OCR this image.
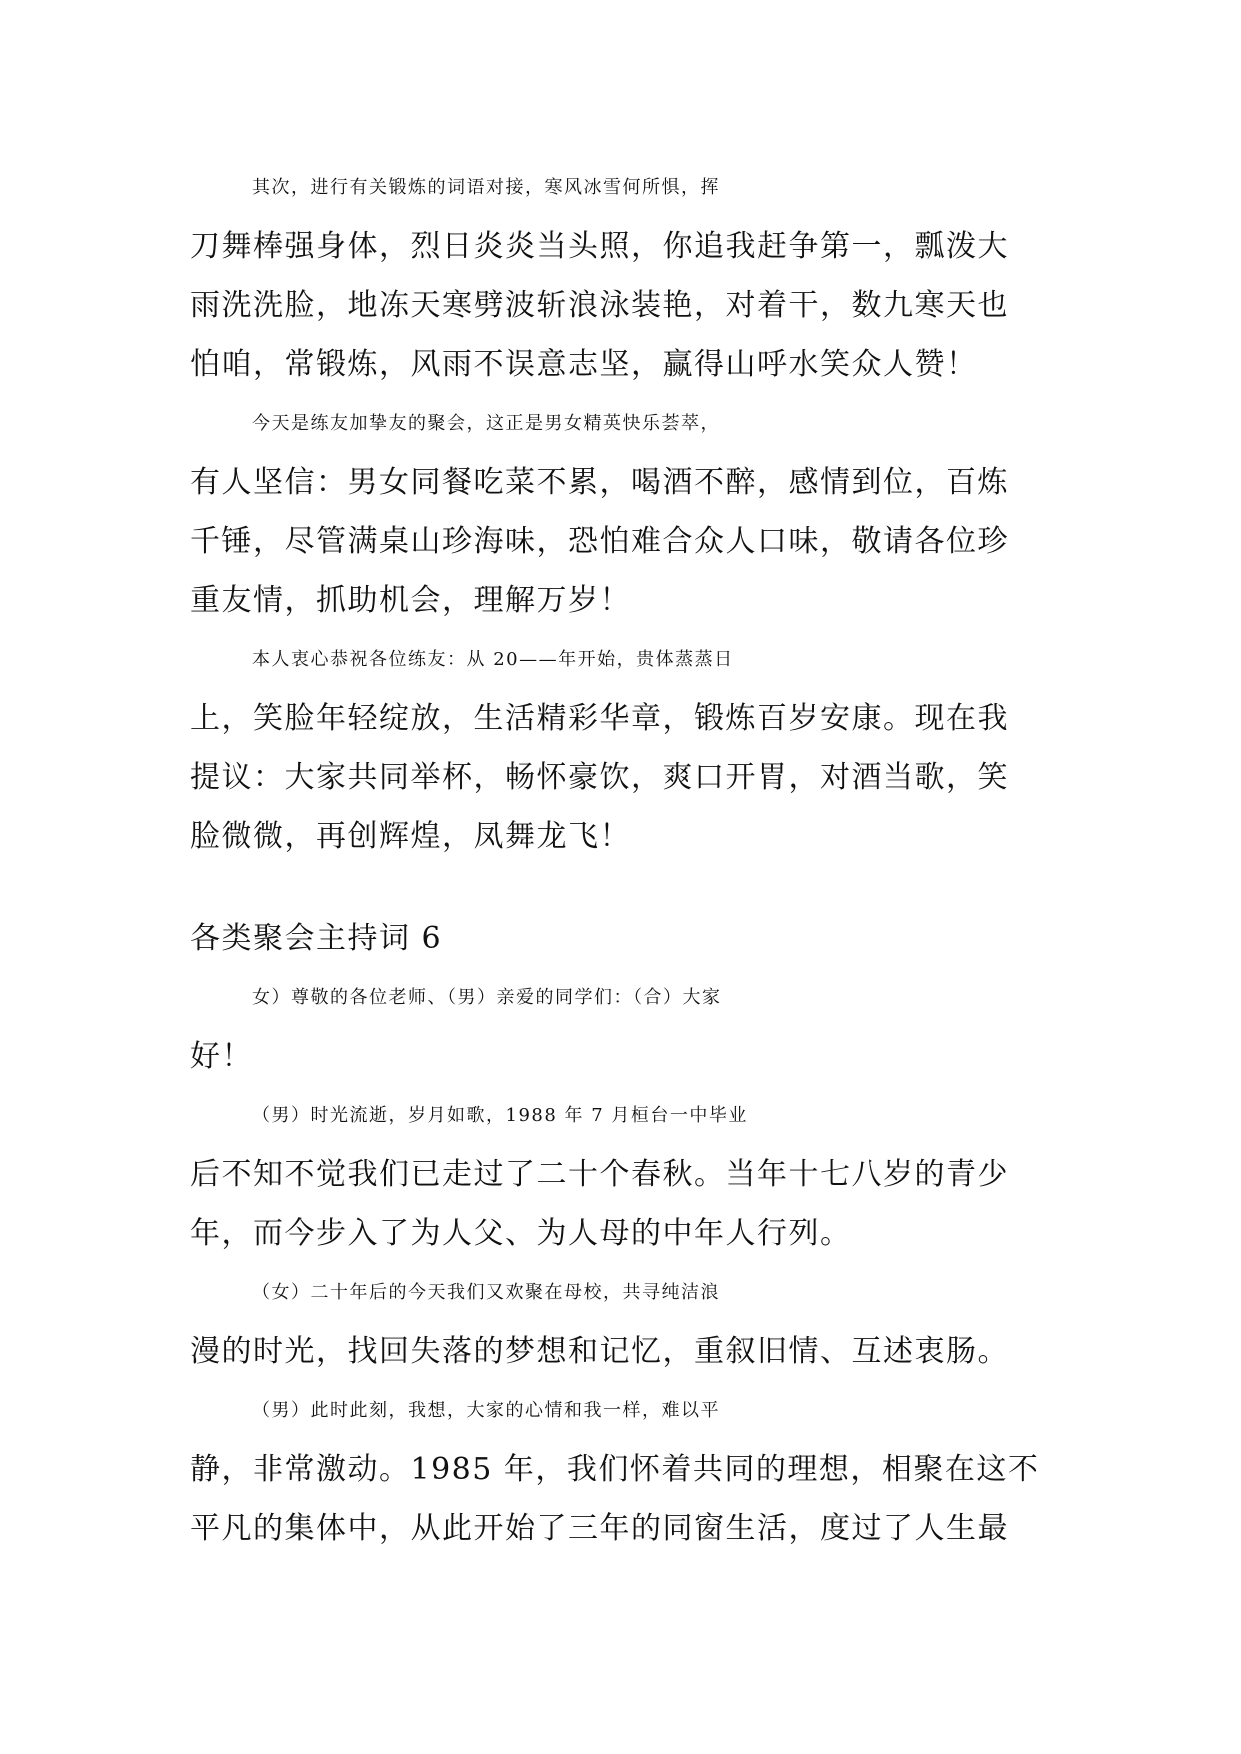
其次，进行有关锻炼的词语对接，寒风冰雪何所惧，挥
刀舞棒强身体，烈日炎炎当头照，你追我赶争第一，瓢泼大
雨洗洗脸，地冻天寒劈波斩浪泳装艳，对着干，数九寒天也
怕咱，常锻炼，风雨不误意志坚，赢得山呼水笑众人赞！
今天是练友加挚友的聚会，这正是男女精英快乐荟萃，
有人坚信：男女同餐吃菜不累，喝酒不醉，感情到位，百炼
千锤，尽管满桌山珍海味，恐怕难合众人口味，敬请各位珍
重友情，抓助机会，理解万岁！
本人衷心恭祝各位练友：从 20——年开始，贵体蒸蒸日
上，笑脸年轻绽放，生活精彩华章，锻炼百岁安康。现在我
提议：大家共同举杯，畅怀豪饮，爽口开胃，对酒当歌，笑
脸微微，再创辉煌，凤舞龙飞！
各类聚会主持词 6
女）尊敬的各位老师、（男）亲爱的同学们：（合）大家
好！
（男）时光流逝，岁月如歌，1988 年 7 月桓台一中毕业
后不知不觉我们已走过了二十个春秋。当年十七八岁的青少
年，而今步入了为人父、为人母的中年人行列。
（女）二十年后的今天我们又欢聚在母校，共寻纯洁浪
漫的时光，找回失落的梦想和记忆，重叙旧情、互述衷肠。
（男）此时此刻，我想，大家的心情和我一样，难以平
静，非常激动。1985 年，我们怀着共同的理想，相聚在这不
平凡的集体中，从此开始了三年的同窗生活，度过了人生最
